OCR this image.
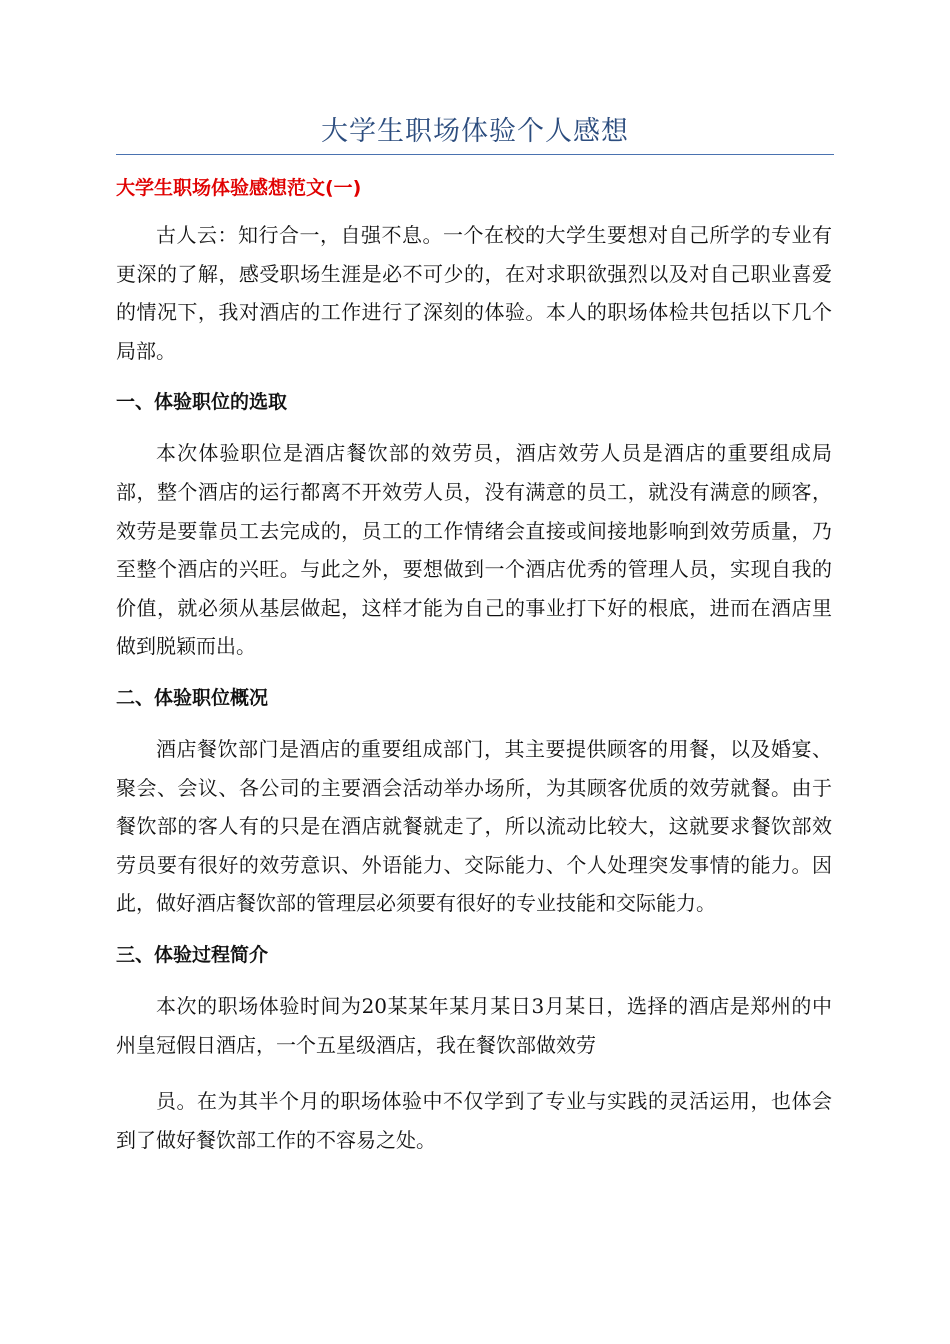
大学生职场体验个人感想
大学生职场体验感想范文(一)

古人云：知行合一，自强不息。一个在校的大学生要想对自己所学的专业有更深的了解，感受职场生涯是必不可少的，在对求职欲强烈以及对自己职业喜爱的情况下，我对酒店的工作进行了深刻的体验。本人的职场体检共包括以下几个局部。

一、体验职位的选取

本次体验职位是酒店餐饮部的效劳员，酒店效劳人员是酒店的重要组成局部，整个酒店的运行都离不开效劳人员，没有满意的员工，就没有满意的顾客，效劳是要靠员工去完成的，员工的工作情绪会直接或间接地影响到效劳质量，乃至整个酒店的兴旺。与此之外，要想做到一个酒店优秀的管理人员，实现自我的价值，就必须从基层做起，这样才能为自己的事业打下好的根底，进而在酒店里做到脱颖而出。

二、体验职位概况

酒店餐饮部门是酒店的重要组成部门，其主要提供顾客的用餐，以及婚宴、聚会、会议、各公司的主要酒会活动举办场所，为其顾客优质的效劳就餐。由于餐饮部的客人有的只是在酒店就餐就走了，所以流动比较大，这就要求餐饮部效劳员要有很好的效劳意识、外语能力、交际能力、个人处理突发事情的能力。因此，做好酒店餐饮部的管理层必须要有很好的专业技能和交际能力。

三、体验过程简介

本次的职场体验时间为20某某年某月某日3月某日，选择的酒店是郑州的中州皇冠假日酒店，一个五星级酒店，我在餐饮部做效劳

员。在为其半个月的职场体验中不仅学到了专业与实践的灵活运用，也体会到了做好餐饮部工作的不容易之处。
